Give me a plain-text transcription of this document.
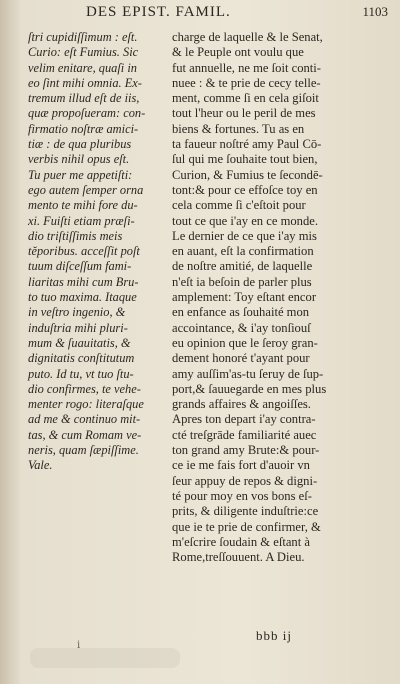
DES EPIST. FAMIL.	1103
ſtri cupidiſſimum : eſt.
Curio: eſt Fumius. Sic
velim enitare, quaſi in
eo ſint mihi omnia. Ex-
tremum illud eſt de iis,
quæ propoſueram: con-
firmatio noſtræ amici-
tiæ : de qua pluribus
verbis nihil opus eſt.
Tu puer me appetiſti:
ego autem ſemper orna
mento te mihi fore du-
xi. Fuiſti etiam præſi-
dio triſtiſſimis meis
tĕporibus. acceſſit poſt
tuum diſceſſum fami-
liaritas mihi cum Bru-
to tuo maxima. Itaque
in veſtro ingenio, &
induſtria mihi pluri-
mum & ſuauitatis, &
dignitatis conſtitutum
puto. Id tu, vt tuo ſtu-
dio confirmes, te vehe-
menter rogo: literaſque
ad me & continuo mit-
tas, & cum Romam ve-
neris, quam ſæpiſſime.
Vale.
charge de laquelle & le Senat,
& le Peuple ont voulu que
fut annuelle, ne me ſoit conti-
nuee : & te prie de cecy telle-
ment, comme ſi en cela giſoit
tout l'heur ou le peril de mes
biens & fortunes. Tu as en
ta faueur noſtré amy Paul Cō-
ſul qui me ſouhaite tout bien,
Curion, & Fumius te ſecondē-
tont:& pour ce effoſce toy en
cela comme ſi c'eſtoit pour
tout ce que i'ay en ce monde.
Le dernier de ce que i'ay mis
en auant, eſt la confirmation
de noſtre amitié, de laquelle
n'eſt ia beſoin de parler plus
amplement: Toy eſtant encor
en enfance as ſouhaité mon
accointance, & i'ay tonſiouſ
eu opinion que le ſeroy gran-
dement honoré t'ayant pour
amy auſſim'as-tu ſeruy de ſup-
port,& ſauuegarde en mes plus
grands affaires & angoiſſes.
Apres ton depart i'ay contra-
cté treſgrāde familiarité auec
ton grand amy Brute:& pour-
ce ie me fais fort d'auoir vn
ſeur appuy de repos & digni-
té pour moy en vos bons eſ-
prits, & diligente induſtrie:ce
que ie te prie de confirmer, &
m'eſcrire ſoudain & eſtant à
Rome,treſſouuent. A Dieu.
i
bbb ij
